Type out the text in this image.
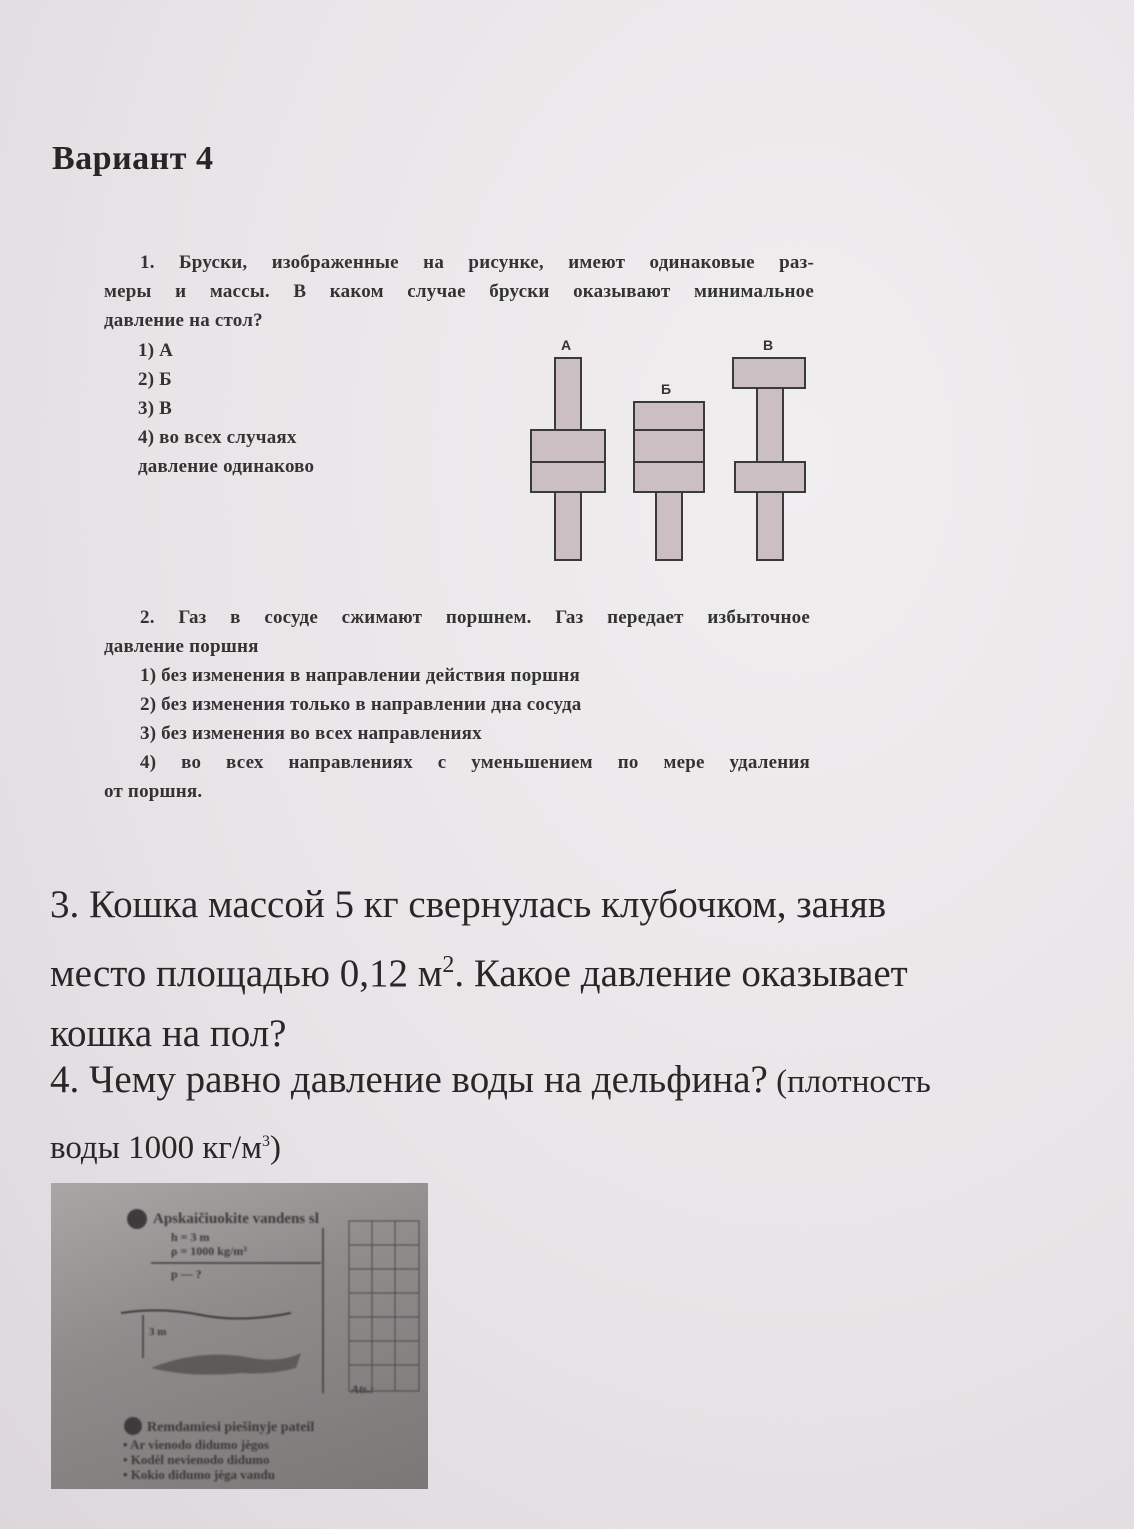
Вариант 4
1. Бруски, изображенные на рисунке, имеют одинаковые раз-
меры и массы. В каком случае бруски оказывают минимальное
давление на стол?
1) А
2) Б
3) В
4) во всех случаях
давление одинаково
А
Б
В
2. Газ в сосуде сжимают поршнем. Газ передает избыточное
давление поршня
1) без изменения в направлении действия поршня
2) без изменения только в направлении дна сосуда
3) без изменения во всех направлениях
4) во всех направлениях с уменьшением по мере удаления
от поршня.
3. Кошка массой 5 кг свернулась клубочком, заняв
место площадью 0,12 $м^2$. Какое давление оказывает
кошка на пол?
4. Чему равно давление воды на дельфина? (плотность
воды 1000 $кг/м^3$)
7. Apskaičiuokite vandens sl
h = 3 m
ρ = 1000 kg/m³
p — ?
3 m
Ats.:
8. Remdamiesi piešinyje pateil
• Ar vienodo didumo jėgos
• Kodėl nevienodo didumo
• Kokio didumo jėga vandu
